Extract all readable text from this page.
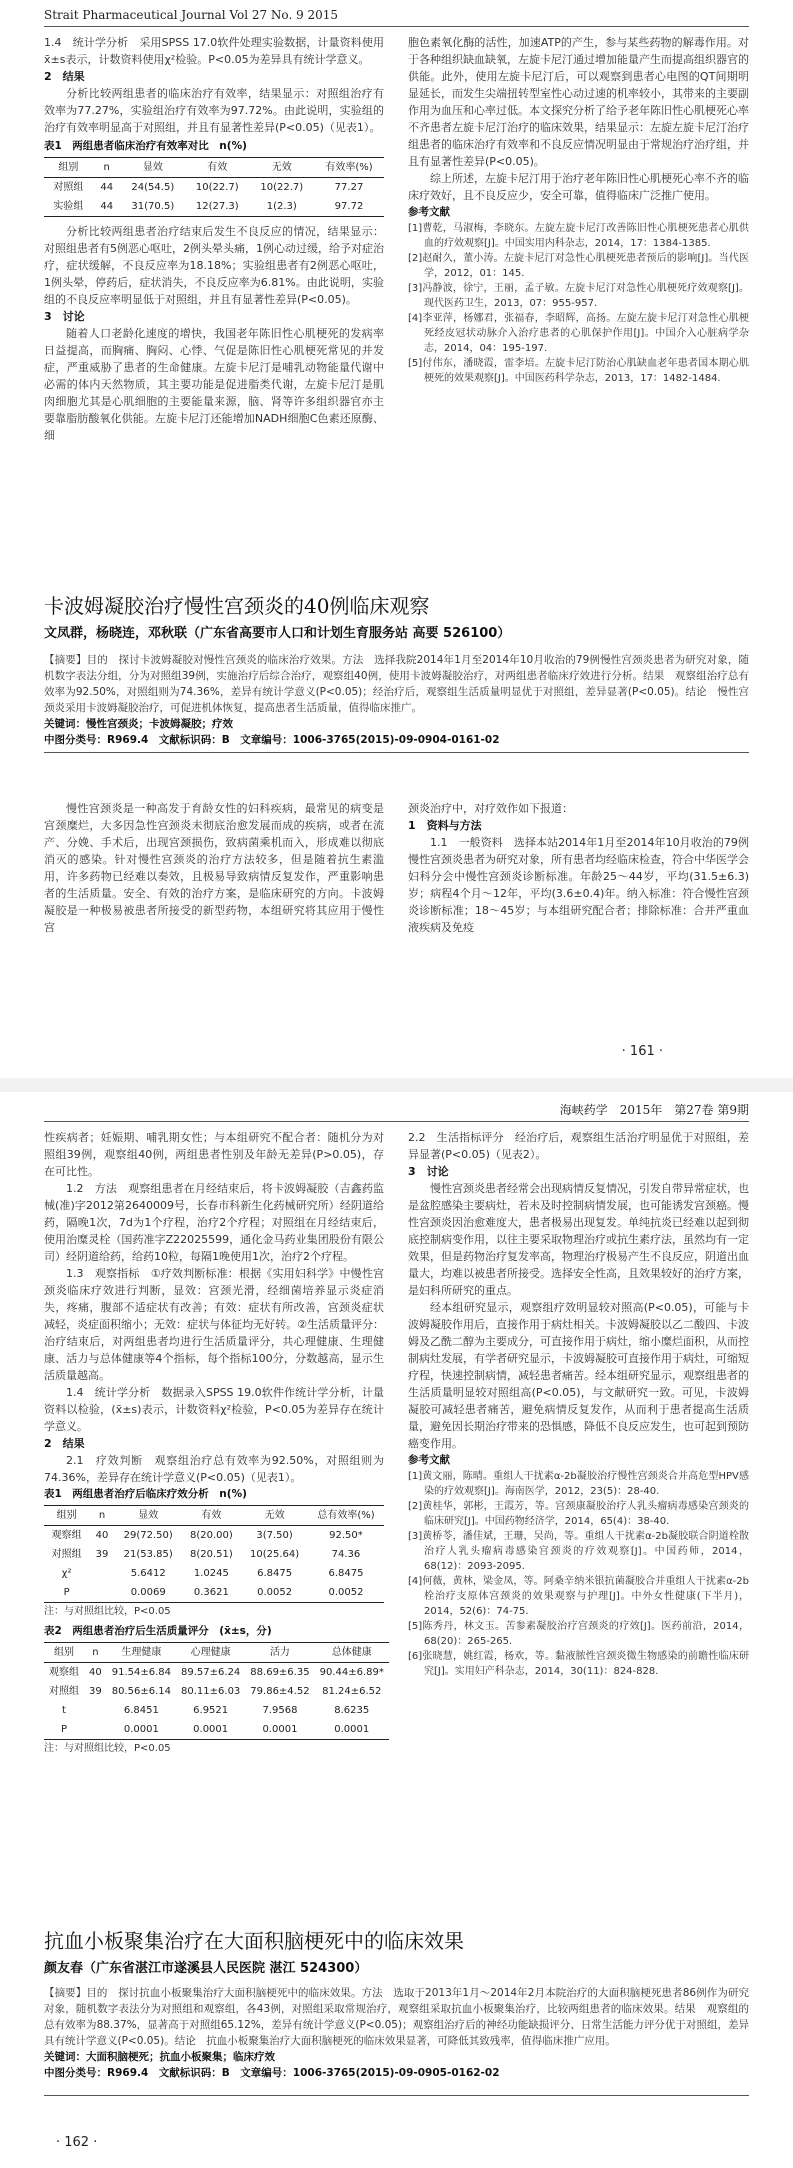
Strait Pharmaceutical Journal Vol 27 No. 9 2015

1.4　统计学分析　采用SPSS 17.0软件处理实验数据，计量资料使用x̄±s表示，计数资料使用χ²检验。P<0.05为差异具有统计学意义。

2　结果

分析比较两组患者的临床治疗有效率，结果显示：对照组治疗有效率为77.27%，实验组治疗有效率为97.72%。由此说明，实验组的治疗有效率明显高于对照组，并且有显著性差异(P<0.05)（见表1）。

表1　两组患者临床治疗有效率对比　n(%)
组别	n	显效	有效	无效	有效率(%)
对照组	44	24(54.5)	10(22.7)	10(22.7)	77.27
实验组	44	31(70.5)	12(27.3)	1(2.3)	97.72

分析比较两组患者治疗结束后发生不良反应的情况，结果显示：对照组患者有5例恶心呕吐，2例头晕头痛，1例心动过缓，给予对症治疗，症状缓解，不良反应率为18.18%；实验组患者有2例恶心呕吐，1例头晕，停药后，症状消失，不良反应率为6.81%。由此说明，实验组的不良反应率明显低于对照组，并且有显著性差异(P<0.05)。

3　讨论

随着人口老龄化速度的增快，我国老年陈旧性心肌梗死的发病率日益提高，而胸痛、胸闷、心悸、气促是陈旧性心肌梗死常见的并发症，严重威胁了患者的生命健康。左旋卡尼汀是哺乳动物能量代谢中必需的体内天然物质，其主要功能是促进脂类代谢，左旋卡尼汀是肌肉细胞尤其是心肌细胞的主要能量来源，脑、肾等许多组织器官亦主要靠脂肪酸氧化供能。左旋卡尼汀还能增加NADH细胞C色素还原酶、细

胞色素氧化酶的活性，加速ATP的产生，参与某些药物的解毒作用。对于各种组织缺血缺氧，左旋卡尼汀通过增加能量产生而提高组织器官的供能。此外，使用左旋卡尼汀后，可以观察到患者心电图的QT间期明显延长，而发生尖端扭转型室性心动过速的机率较小，其带来的主要副作用为血压和心率过低。本文探究分析了给予老年陈旧性心肌梗死心率不齐患者左旋卡尼汀治疗的临床效果，结果显示：左旋左旋卡尼汀治疗组患者的临床治疗有效率和不良反应情况明显由于常规治疗治疗组，并且有显著性差异(P<0.05)。

综上所述，左旋卡尼汀用于治疗老年陈旧性心肌梗死心率不齐的临床疗效好，且不良反应少，安全可靠，值得临床广泛推广使用。

参考文献
[1]曹乾，马淑梅，李晓东。左旋左旋卡尼汀改善陈旧性心肌梗死患者心肌供血的疗效观察[J]。中国实用内科杂志，2014，17：1384-1385.
[2]赵耐久，董小涛。左旋卡尼汀对急性心肌梗死患者预后的影响[J]。当代医学，2012，01：145.
[3]冯静波，徐宁，王丽，孟子敏。左旋卡尼汀对急性心肌梗死疗效观察[J]。现代医药卫生，2013，07：955-957.
[4]李亚萍，杨娜君，张福春，李昭辉，高扬。左旋左旋卡尼汀对急性心肌梗死经皮冠状动脉介入治疗患者的心肌保护作用[J]。中国介入心脏病学杂志，2014，04：195-197.
[5]付伟东，潘晓霞，雷李培。左旋卡尼汀防治心肌缺血老年患者国本期心肌梗死的效果观察[J]。中国医药科学杂志，2013，17：1482-1484.
卡波姆凝胶治疗慢性宫颈炎的40例临床观察
文凤群，杨晓连，邓秋联（广东省高要市人口和计划生育服务站 高要 526100）
【摘要】目的　探讨卡波姆凝胶对慢性宫颈炎的临床治疗效果。方法　选择我院2014年1月至2014年10月收治的79例慢性宫颈炎患者为研究对象，随机数字表法分组，分为对照组39例，实施治疗后综合治疗，观察组40例，使用卡波姆凝胶治疗，对两组患者临床疗效进行分析。结果　观察组治疗总有效率为92.50%，对照组则为74.36%，差异有统计学意义(P<0.05)；经治疗后，观察组生活质量明显优于对照组，差异显著(P<0.05)。结论　慢性宫颈炎采用卡波姆凝胶治疗，可促进机体恢复，提高患者生活质量，值得临床推广。
关键词：慢性宫颈炎；卡波姆凝胶；疗效
中图分类号：R969.4　文献标识码：B　文章编号：1006-3765(2015)-09-0904-0161-02

慢性宫颈炎是一种高发于育龄女性的妇科疾病，最常见的病变是宫颈糜烂，大多因急性宫颈炎未彻底治愈发展而成的疾病，或者在流产、分娩、手术后，出现宫颈损伤，致病菌乘机而入，形成难以彻底消灭的感染。针对慢性宫颈炎的治疗方法较多，但是随着抗生素滥用，许多药物已经难以奏效，且极易导致病情反复发作，严重影响患者的生活质量。安全、有效的治疗方案，是临床研究的方向。卡波姆凝胶是一种极易被患者所接受的新型药物，本组研究将其应用于慢性宫

颈炎治疗中，对疗效作如下报道：

1　资料与方法

1.1　一般资料　选择本站2014年1月至2014年10月收治的79例慢性宫颈炎患者为研究对象，所有患者均经临床检查，符合中华医学会妇科分会中慢性宫颈炎诊断标准。年龄25～44岁，平均(31.5±6.3)岁；病程4个月～12年，平均(3.6±0.4)年。纳入标准：符合慢性宫颈炎诊断标准；18～45岁；与本组研究配合者；排除标准：合并严重血液疾病及免疫

· 161 ·
海峡药学　2015年　第27卷 第9期

性疾病者；妊娠期、哺乳期女性；与本组研究不配合者：随机分为对照组39例，观察组40例，两组患者性别及年龄无差异(P>0.05)，存在可比性。

1.2　方法　观察组患者在月经结束后，将卡波姆凝胶（吉鑫药监械(准)字2012第2640009号，长春市科新生化药械研究所）经阴道给药，隔晚1次，7d为1个疗程，治疗2个疗程；对照组在月经结束后，使用治糜灵栓（国药准字Z22025599，通化金马药业集团股份有限公司）经阴道给药，给药10粒，每隔1晚使用1次，治疗2个疗程。

1.3　观察指标　①疗效判断标准：根据《实用妇科学》中慢性宫颈炎临床疗效进行判断，显效：宫颈光滑，经细菌培养显示炎症消失，疼痛，腹部不适症状有改善；有效：症状有所改善，宫颈炎症状减轻，炎症面积缩小；无效：症状与体征均无好转。②生活质量评分：治疗结束后，对两组患者均进行生活质量评分，共心理健康、生理健康、活力与总体健康等4个指标，每个指标100分，分数越高，显示生活质量越高。

1.4　统计学分析　数据录入SPSS 19.0软件作统计学分析，计量资料以检验，(x̄±s)表示，计数资料χ²检验，P<0.05为差异存在统计学意义。

2　结果

2.1　疗效判断　观察组治疗总有效率为92.50%，对照组则为74.36%，差异存在统计学意义(P<0.05)（见表1）。

表1　两组患者治疗后临床疗效分析　n(%)
组别	n	显效	有效	无效	总有效率(%)
观察组	40	29(72.50)	8(20.00)	3(7.50)	92.50*
对照组	39	21(53.85)	8(20.51)	10(25.64)	74.36
χ²		5.6412	1.0245	6.8475	6.8475
P		0.0069	0.3621	0.0052	0.0052
注：与对照组比较，P<0.05
表2　两组患者治疗后生活质量评分　(x̄±s，分)
组别	n	生理健康	心理健康	活力	总体健康
观察组	40	91.54±6.84	89.57±6.24	88.69±6.35	90.44±6.89*
对照组	39	80.56±6.14	80.11±6.03	79.86±4.52	81.24±6.52
t		6.8451	6.9521	7.9568	8.6235
P		0.0001	0.0001	0.0001	0.0001
注：与对照组比较，P<0.05

2.2　生活指标评分　经治疗后，观察组生活治疗明显优于对照组，差异显著(P<0.05)（见表2）。

3　讨论

慢性宫颈炎患者经常会出现病情反复情况，引发自带异常症状，也是盆腔感染主要病灶，若未及时控制病情发展，也可能诱发宫颈癌。慢性宫颈炎因治愈难度大，患者极易出现复发。单纯抗炎已经难以起到彻底控制病变作用，以往主要采取物理治疗或抗生素疗法，虽然均有一定效果，但是药物治疗复发率高，物理治疗极易产生不良反应，阴道出血量大，均难以被患者所接受。选择安全性高，且效果较好的治疗方案，是妇科所研究的重点。

经本组研究显示，观察组疗效明显较对照高(P<0.05)，可能与卡波姆凝胶作用后，直接作用于病灶相关。卡波姆凝胶以乙二酸四、卡波姆及乙酰二醇为主要成分，可直接作用于病灶，缩小糜烂面积，从而控制病灶发展，有学者研究显示，卡波姆凝胶可直接作用于病灶，可缩短疗程，快速控制病情，减轻患者痛苦。经本组研究显示，观察组患者的生活质量明显较对照组高(P<0.05)，与文献研究一致。可见，卡波姆凝胶可减轻患者痛苦，避免病情反复发作，从而利于患者提高生活质量，避免因长期治疗带来的恐惧感，降低不良反应发生，也可起到预防癌变作用。

参考文献
[1]黄文丽，陈晴。重组人干扰素α-2b凝胶治疗慢性宫颈炎合并高危型HPV感染的疗效观察[J]。海南医学，2012，23(5)：28-40.
[2]黄桂华，郭彬，王霞芳，等。宫颈康凝胶治疗人乳头瘤病毒感染宫颈炎的临床研究[J]。中国药物经济学，2014，65(4)：38-40.
[3]黄桥苓，潘佳斌，王珊，吴尚，等。重组人干扰素α-2b凝胶联合阴道栓散治疗人乳头瘤病毒感染宫颈炎的疗效观察[J]。中国药师，2014，68(12)：2093-2095.
[4]何薇，黄林，梁金凤，等。阿桑辛纳米银抗菌凝胶合并重组人干扰素α-2b栓治疗支原体宫颈炎的效果观察与护理[J]。中外女性健康(下半月)，2014，52(6)：74-75.
[5]陈秀丹，林文玉。苦参素凝胶治疗宫颈炎的疗效[J]。医药前沿，2014，68(20)：265-265.
[6]张晓慧，姚红霞，杨欢，等。黏液脓性宫颈炎微生物感染的前瞻性临床研究[J]。实用妇产科杂志，2014，30(11)：824-828.
抗血小板聚集治疗在大面积脑梗死中的临床效果
颜友春（广东省湛江市遂溪县人民医院 湛江 524300）
【摘要】目的　探讨抗血小板聚集治疗大面积脑梗死中的临床效果。方法　选取于2013年1月～2014年2月本院治疗的大面积脑梗死患者86例作为研究对象，随机数字表法分为对照组和观察组，各43例，对照组采取常规治疗，观察组采取抗血小板聚集治疗，比较两组患者的临床效果。结果　观察组的总有效率为88.37%，显著高于对照组65.12%，差异有统计学意义(P<0.05)；观察组治疗后的神经功能缺损评分、日常生活能力评分优于对照组，差异具有统计学意义(P<0.05)。结论　抗血小板聚集治疗大面积脑梗死的临床效果显著，可降低其致残率，值得临床推广应用。
关键词：大面积脑梗死；抗血小板聚集；临床疗效
中图分类号：R969.4　文献标识码：B　文章编号：1006-3765(2015)-09-0905-0162-02
· 162 ·
